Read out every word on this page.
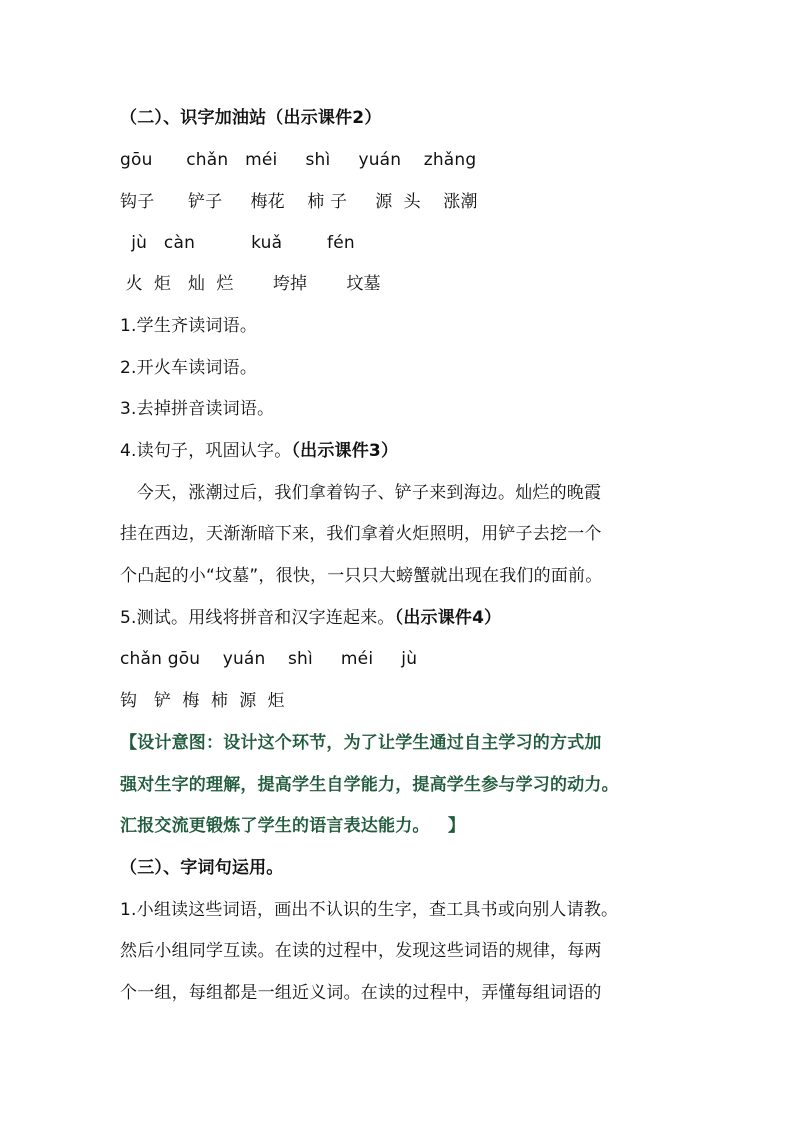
（二）、识字加油站（出示课件2）
gōu      chǎn   méi     shì     yuán    zhǎng
钩子      铲子     梅花    柿 子     源  头    涨潮
jù   càn          kuǎ        fén
火  炬   灿  烂       垮掉       坟墓
1.学生齐读词语。
2.开火车读词语。
3.去掉拼音读词语。
4.读句子，巩固认字。（出示课件3）
今天，涨潮过后，我们拿着钩子、铲子来到海边。灿烂的晚霞
挂在西边，天渐渐暗下来，我们拿着火炬照明，用铲子去挖一个
个凸起的小“坟墓”，很快，一只只大螃蟹就出现在我们的面前。
5.测试。用线将拼音和汉字连起来。（出示课件4）
chǎn gōu    yuán    shì     méi     jù
钩   铲  梅  柿  源  炬
【设计意图：设计这个环节，为了让学生通过自主学习的方式加
强对生字的理解，提高学生自学能力，提高学生参与学习的动力。
汇报交流更锻炼了学生的语言表达能力。   】
（三）、字词句运用。
1.小组读这些词语，画出不认识的生字，查工具书或向别人请教。
然后小组同学互读。在读的过程中，发现这些词语的规律，每两
个一组，每组都是一组近义词。在读的过程中，弄懂每组词语的
